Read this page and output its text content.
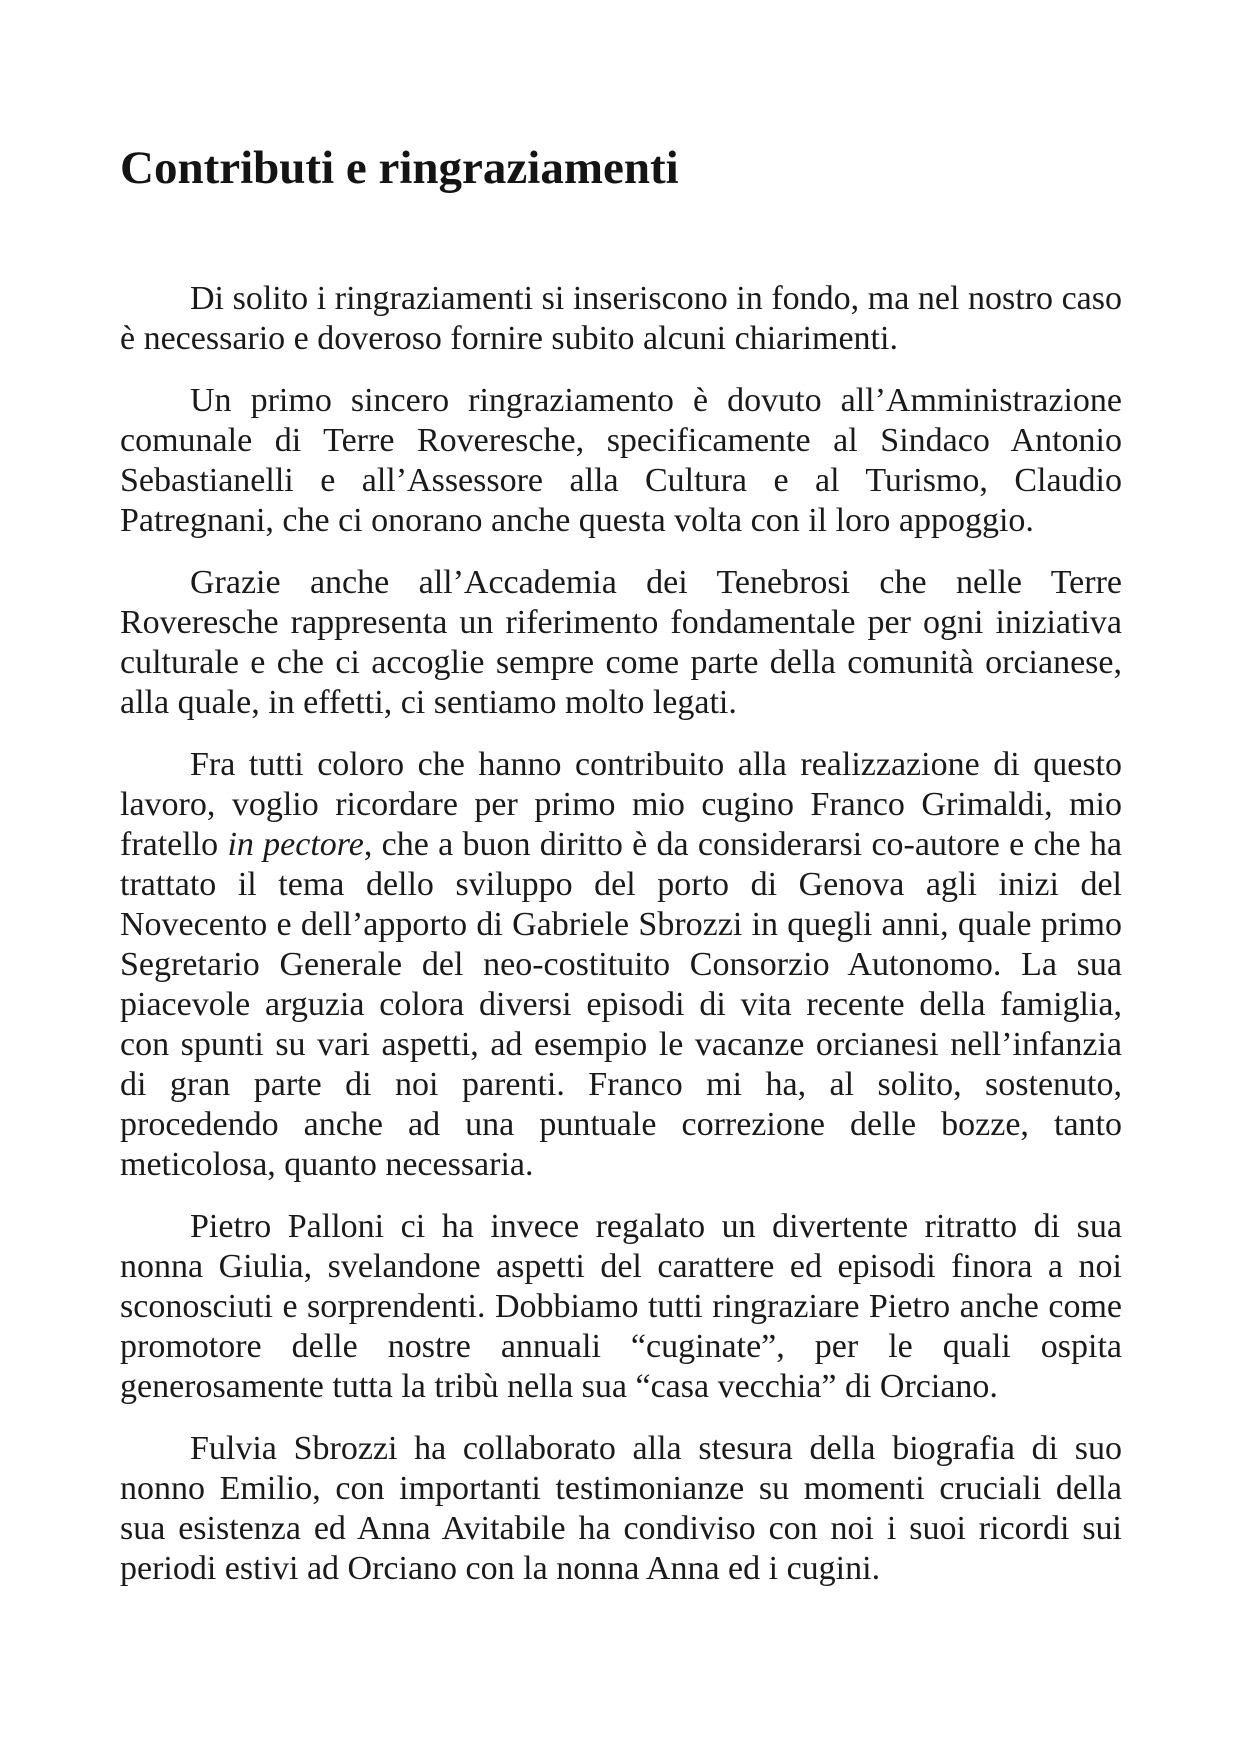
Contributi e ringraziamenti

Di solito i ringraziamenti si inseriscono in fondo, ma nel nostro caso è necessario e doveroso fornire subito alcuni chiarimenti.

Un primo sincero ringraziamento è dovuto all’Amministrazione comunale di Terre Roveresche, specificamente al Sindaco Antonio Sebastianelli e all’Assessore alla Cultura e al Turismo, Claudio Patregnani, che ci onorano anche questa volta con il loro appoggio.

Grazie anche all’Accademia dei Tenebrosi che nelle Terre Roveresche rappresenta un riferimento fondamentale per ogni iniziativa culturale e che ci accoglie sempre come parte della comunità orcianese, alla quale, in effetti, ci sentiamo molto legati.

Fra tutti coloro che hanno contribuito alla realizzazione di questo lavoro, voglio ricordare per primo mio cugino Franco Grimaldi, mio fratello in pectore, che a buon diritto è da considerarsi co-autore e che ha trattato il tema dello sviluppo del porto di Genova agli inizi del Novecento e dell’apporto di Gabriele Sbrozzi in quegli anni, quale primo Segretario Generale del neo-costituito Consorzio Autonomo. La sua piacevole arguzia colora diversi episodi di vita recente della famiglia, con spunti su vari aspetti, ad esempio le vacanze orcianesi nell’infanzia di gran parte di noi parenti. Franco mi ha, al solito, sostenuto, procedendo anche ad una puntuale correzione delle bozze, tanto meticolosa, quanto necessaria.

Pietro Palloni ci ha invece regalato un divertente ritratto di sua nonna Giulia, svelandone aspetti del carattere ed episodi finora a noi sconosciuti e sorprendenti. Dobbiamo tutti ringraziare Pietro anche come promotore delle nostre annuali “cuginate”, per le quali ospita generosamente tutta la tribù nella sua “casa vecchia” di Orciano.

Fulvia Sbrozzi ha collaborato alla stesura della biografia di suo nonno Emilio, con importanti testimonianze su momenti cruciali della sua esistenza ed Anna Avitabile ha condiviso con noi i suoi ricordi sui periodi estivi ad Orciano con la nonna Anna ed i cugini.
